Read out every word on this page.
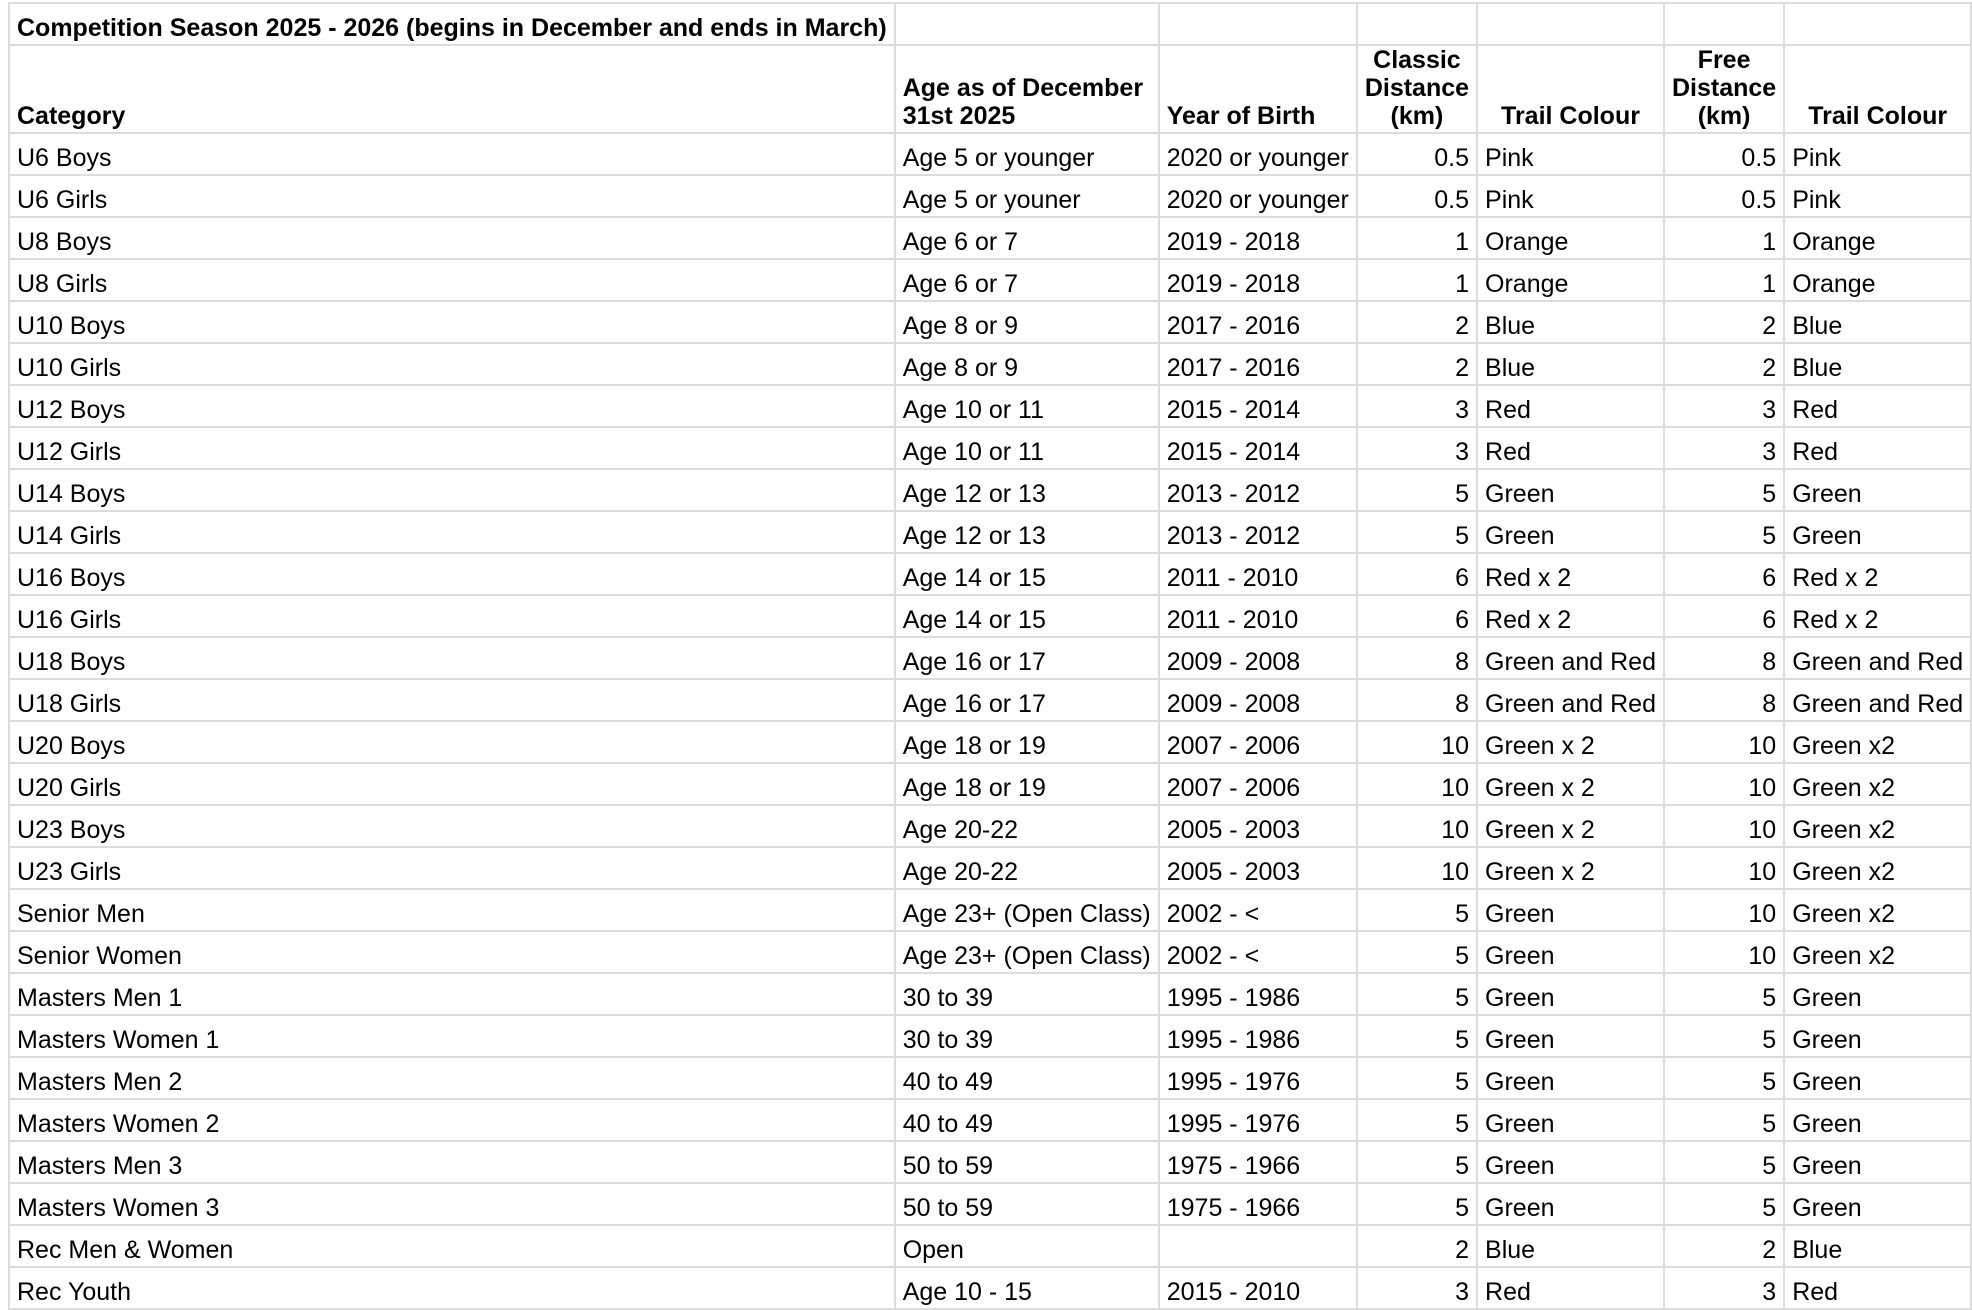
Competition Season 2025 - 2026 (begins in December and ends in March)						
Category	Age as of December 31st 2025	Year of Birth	Classic Distance (km)	Trail Colour	Free Distance (km)	Trail Colour
U6 Boys	Age 5 or younger	2020 or younger	0.5	Pink	0.5	Pink
U6 Girls	Age 5 or youner	2020 or younger	0.5	Pink	0.5	Pink
U8 Boys	Age 6 or 7	2019 - 2018	1	Orange	1	Orange
U8 Girls	Age 6 or 7	2019 - 2018	1	Orange	1	Orange
U10 Boys	Age 8 or 9	2017 - 2016	2	Blue	2	Blue
U10 Girls	Age 8 or 9	2017 - 2016	2	Blue	2	Blue
U12 Boys	Age 10 or 11	2015 - 2014	3	Red	3	Red
U12 Girls	Age 10 or 11	2015 - 2014	3	Red	3	Red
U14 Boys	Age 12 or 13	2013 - 2012	5	Green	5	Green
U14 Girls	Age 12 or 13	2013 - 2012	5	Green	5	Green
U16 Boys	Age 14 or 15	2011 - 2010	6	Red x 2	6	Red x 2
U16 Girls	Age 14 or 15	2011 - 2010	6	Red x 2	6	Red x 2
U18 Boys	Age 16 or 17	2009 - 2008	8	Green and Red	8	Green and Red
U18 Girls	Age 16 or 17	2009 - 2008	8	Green and Red	8	Green and Red
U20 Boys	Age 18 or 19	2007 - 2006	10	Green x 2	10	Green x2
U20 Girls	Age 18 or 19	2007 - 2006	10	Green x 2	10	Green x2
U23 Boys	Age 20-22	2005 - 2003	10	Green x 2	10	Green x2
U23 Girls	Age 20-22	2005 - 2003	10	Green x 2	10	Green x2
Senior Men	Age 23+ (Open Class)	2002 - <	5	Green	10	Green x2
Senior Women	Age 23+ (Open Class)	2002 - <	5	Green	10	Green x2
Masters Men 1	30 to 39	1995 - 1986	5	Green	5	Green
Masters Women 1	30 to 39	1995 - 1986	5	Green	5	Green
Masters Men 2	40 to 49	1995 - 1976	5	Green	5	Green
Masters Women 2	40 to 49	1995 - 1976	5	Green	5	Green
Masters Men 3	50 to 59	1975 - 1966	5	Green	5	Green
Masters Women 3	50 to 59	1975 - 1966	5	Green	5	Green
Rec Men & Women	Open		2	Blue	2	Blue
Rec Youth	Age 10 - 15	2015 - 2010	3	Red	3	Red
